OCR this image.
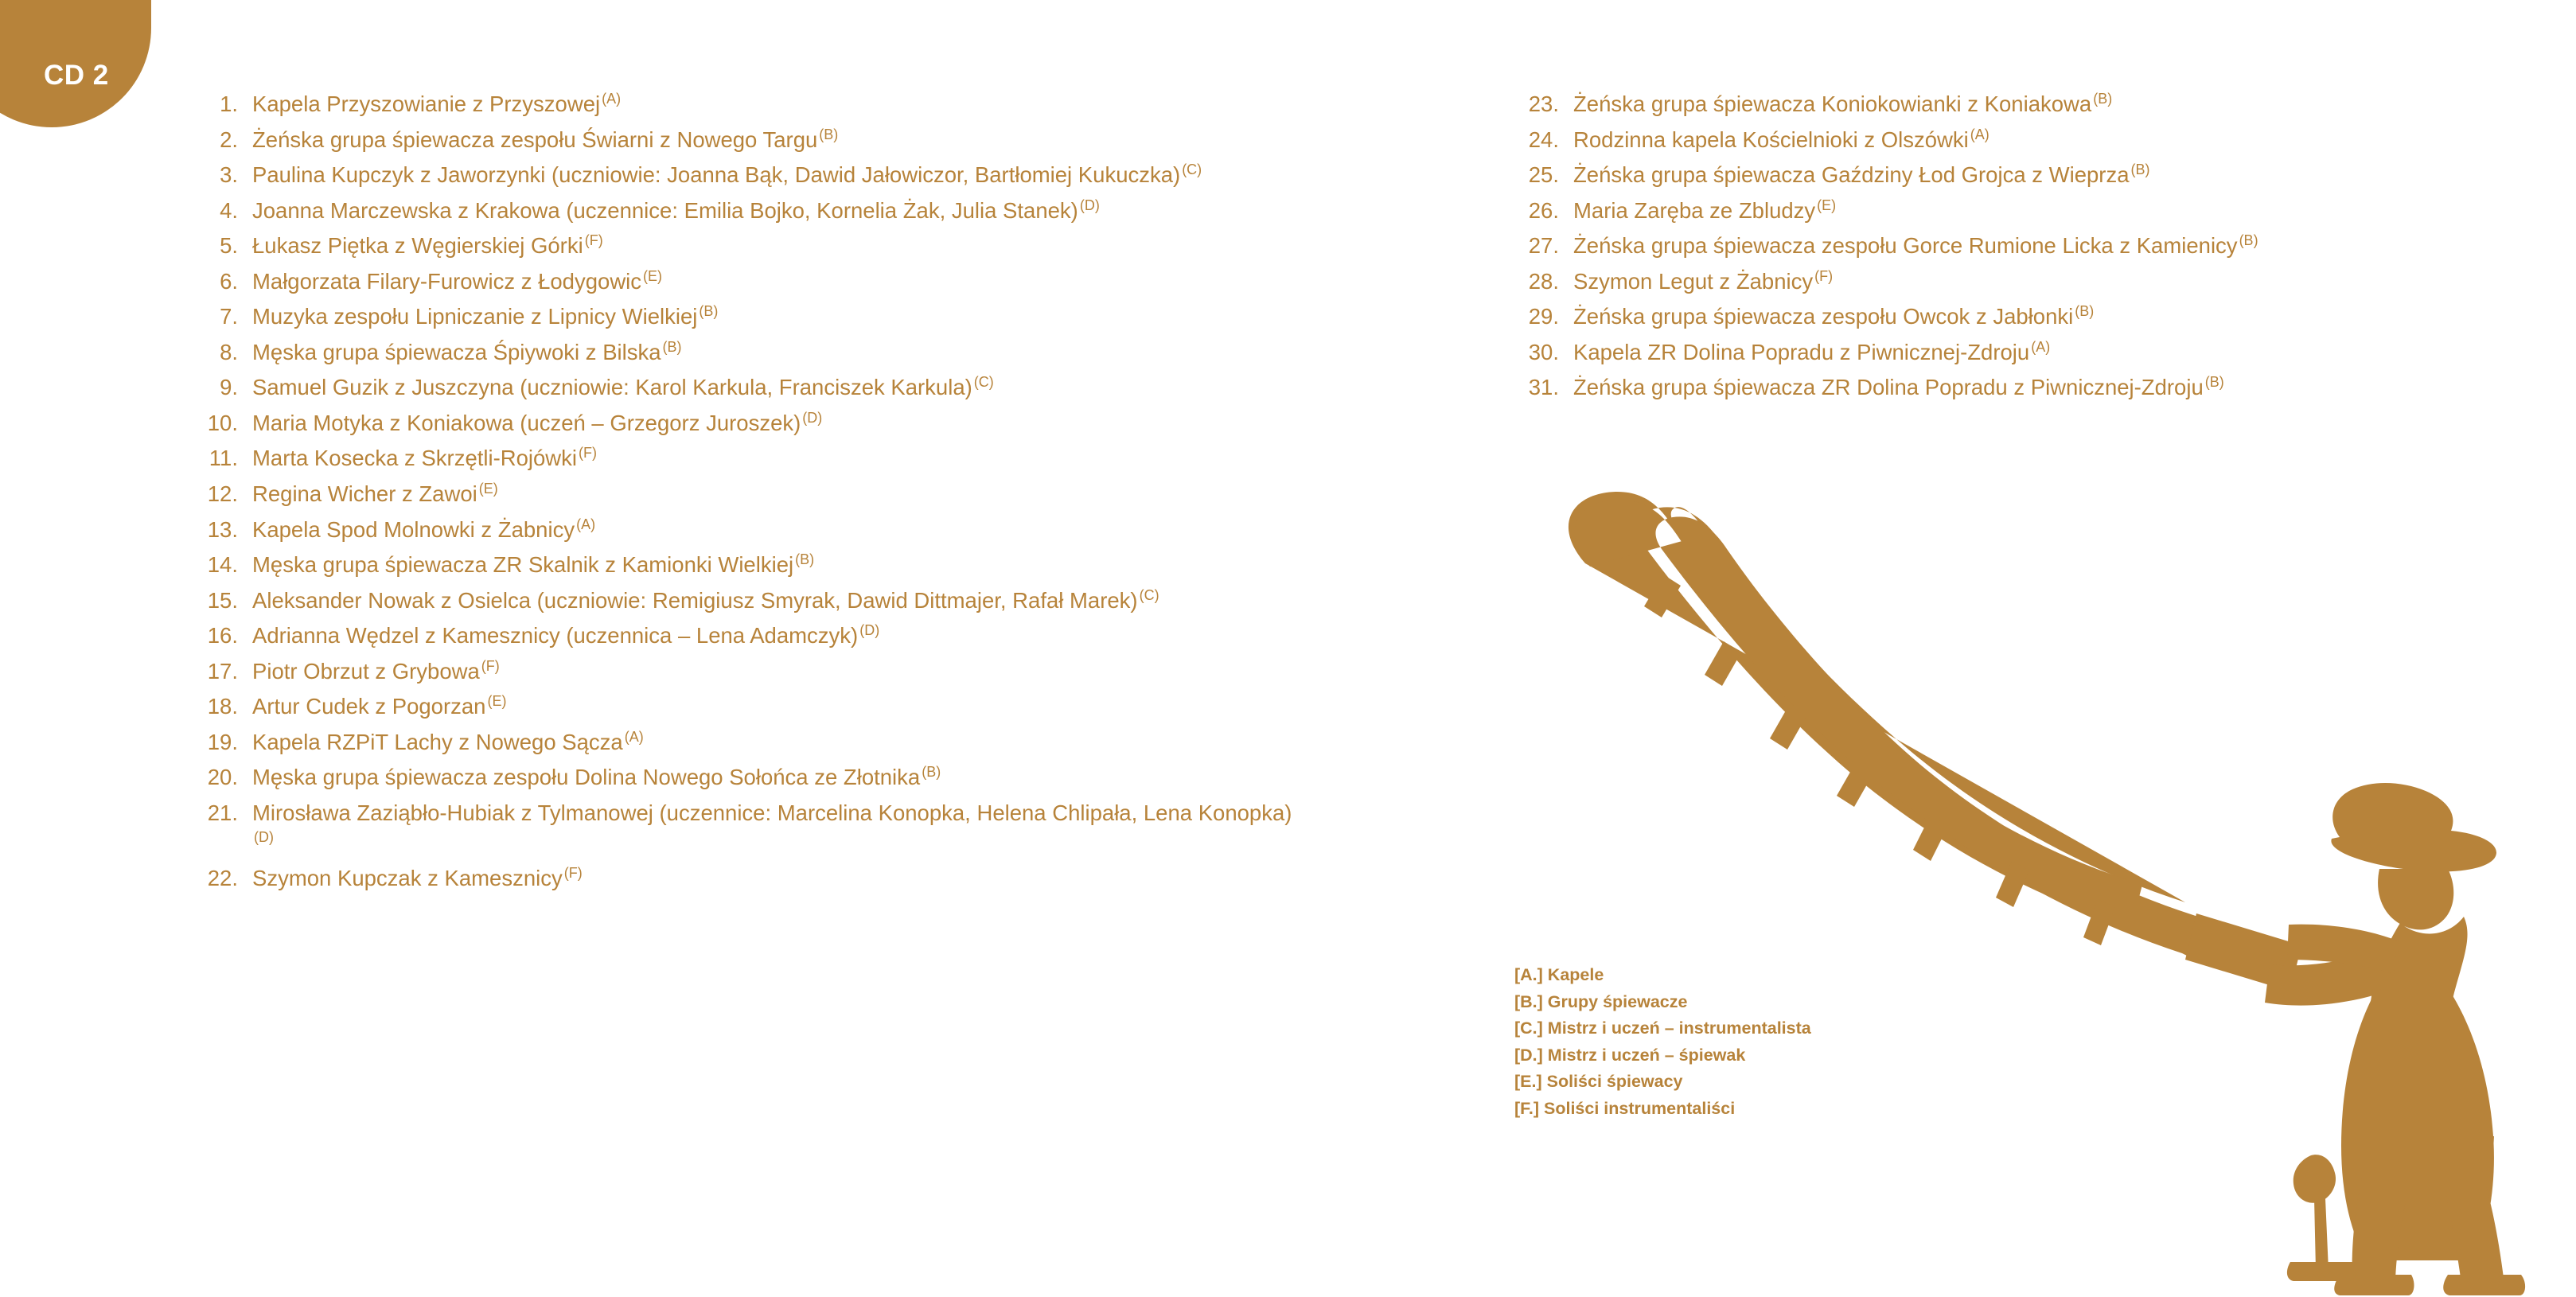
CD 2
1. Kapela Przyszowianie z Przyszowej $^{(A)}$
2. Żeńska grupa śpiewacza zespołu Świarni z Nowego Targu $^{(B)}$
3. Paulina Kupczyk z Jaworzynki (uczniowie: Joanna Bąk, Dawid Jałowiczor, Bartłomiej Kukuczka) $^{(C)}$
4. Joanna Marczewska z Krakowa (uczennice: Emilia Bojko, Kornelia Żak, Julia Stanek) $^{(D)}$
5. Łukasz Piętka z Węgierskiej Górki $^{(F)}$
6. Małgorzata Filary-Furowicz z Łodygowic $^{(E)}$
7. Muzyka zespołu Lipniczanie z Lipnicy Wielkiej $^{(B)}$
8. Męska grupa śpiewacza Śpiywoki z Bilska $^{(B)}$
9. Samuel Guzik z Juszczyna (uczniowie: Karol Karkula, Franciszek Karkula) $^{(C)}$
10. Maria Motyka z Koniakowa (uczeń – Grzegorz Juroszek) $^{(D)}$
11. Marta Kosecka z Skrzętli-Rojówki $^{(F)}$
12. Regina Wicher z Zawoi $^{(E)}$
13. Kapela Spod Molnowki z Żabnicy $^{(A)}$
14. Męska grupa śpiewacza ZR Skalnik z Kamionki Wielkiej $^{(B)}$
15. Aleksander Nowak z Osielca (uczniowie: Remigiusz Smyrak, Dawid Dittmajer, Rafał Marek) $^{(C)}$
16. Adrianna Wędzel z Kamesznicy (uczennica – Lena Adamczyk) $^{(D)}$
17. Piotr Obrzut z Grybowa $^{(F)}$
18. Artur Cudek z Pogorzan $^{(E)}$
19. Kapela RZPiT Lachy z Nowego Sącza $^{(A)}$
20. Męska grupa śpiewacza zespołu Dolina Nowego Sołońca ze Złotnika $^{(B)}$
21. Mirosława Zaziąbło-Hubiak z Tylmanowej (uczennice: Marcelina Konopka, Helena Chlipała, Lena Konopka)$^{(D)}$
22. Szymon Kupczak z Kamesznicy $^{(F)}$
23. Żeńska grupa śpiewacza Koniokowianki z Koniakowa $^{(B)}$
24. Rodzinna kapela Kościelnioki z Olszówki $^{(A)}$
25. Żeńska grupa śpiewacza Gaździny Łod Grojca z Wieprza $^{(B)}$
26. Maria Zaręba ze Zbludzy $^{(E)}$
27. Żeńska grupa śpiewacza zespołu Gorce Rumione Licka z Kamienicy $^{(B)}$
28. Szymon Legut z Żabnicy $^{(F)}$
29. Żeńska grupa śpiewacza zespołu Owcok z Jabłonki $^{(B)}$
30. Kapela ZR Dolina Popradu z Piwnicznej-Zdroju $^{(A)}$
31. Żeńska grupa śpiewacza ZR Dolina Popradu z Piwnicznej-Zdroju $^{(B)}$
[A.] Kapele
[B.] Grupy śpiewacze
[C.] Mistrz i uczeń – instrumentalista
[D.] Mistrz i uczeń – śpiewak
[E.] Soliści śpiewacy
[F.] Soliści instrumentaliści
